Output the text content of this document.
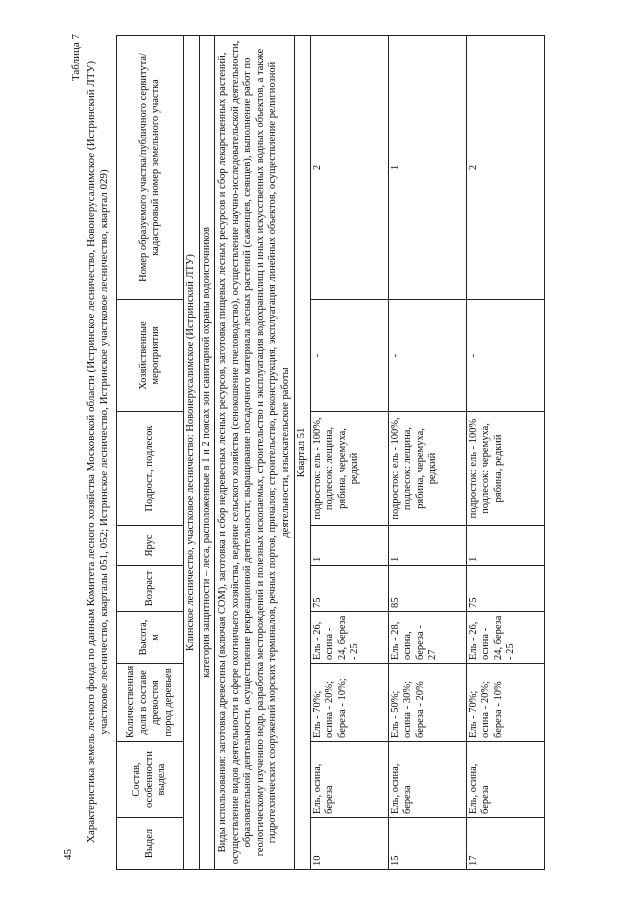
45
Таблица 7
Характеристика земель лесного фонда по данным Комитета лесного хозяйства Московской области (Истринское лесничество, Новоиерусалимское (Истринский ЛТУ) участковое лесничество, кварталы 051, 052; Истринское лесничество, Истринское участковое лесничество, квартал 029)
Выдел	Состав, особенности выдела	Количественная доля в составе древостоя пород деревьев	Высота, м	Возраст	Ярус	Подрост., подлесок	Хозяйственные мероприятия	Номер образуемого участка/публичного сервитута/кадастровый номер земельного участка
Клинское лесничество, участковое лесничество: Новоиерусалимское (Истринский ЛТУ)								
категория защитности – леса, расположенные в 1 и 2 поясах зон санитарной охраны водоисточников								
Виды использования: заготовка древесины (включая СОМ), заготовка и сбор недревесных лесных ресурсов, заготовка пищевых лесных ресурсов и сбор лекарственных растений, осуществление видов деятельности в сфере охотничьего хозяйства, ведение сельского хозяйства (сенокошение пчеловодство), осуществление научно-исследовательской деятельности, образовательной деятельности, осуществление рекреационной деятельности; выращивание посадочного материала лесных растений (саженцев, сеянцев), выполнение работ по геологическому изучению недр, разработка месторождений и полезных ископаемых, строительство и эксплуатация водохранилищ и иных искусственных водных объектов, а также гидротехнических сооружений морских терминалов, речных портов, причалов; строительство, реконструкция, эксплуатация линейных объектов, осуществление религиозной деятельности, изыскательские работы								
Квартал 51								
10	Ель, осина, береза	Ель - 70%; осина - 20%; береза - 10%;	Ель - 26, осина - 24, береза - 25	75	1	подросток: ель - 100%, подлесок: лещина, рябина, черемуха, редкий	-	2
15	Ель, осина, береза	Ель - 50%; осина - 30%; береза - 20%	Ель - 28, осина, береза - 27	85	1	подросток: ель - 100%, подлесок: лещина, рябина, черемуха, редкий	-	1
17	Ель, осина, береза	Ель - 70%; осина - 20%; береза - 10%	Ель - 26, осина - 24, береза - 25	75	1	подросток: ель - 100% подлесок: черемуха, рябина, редкий	-	2
